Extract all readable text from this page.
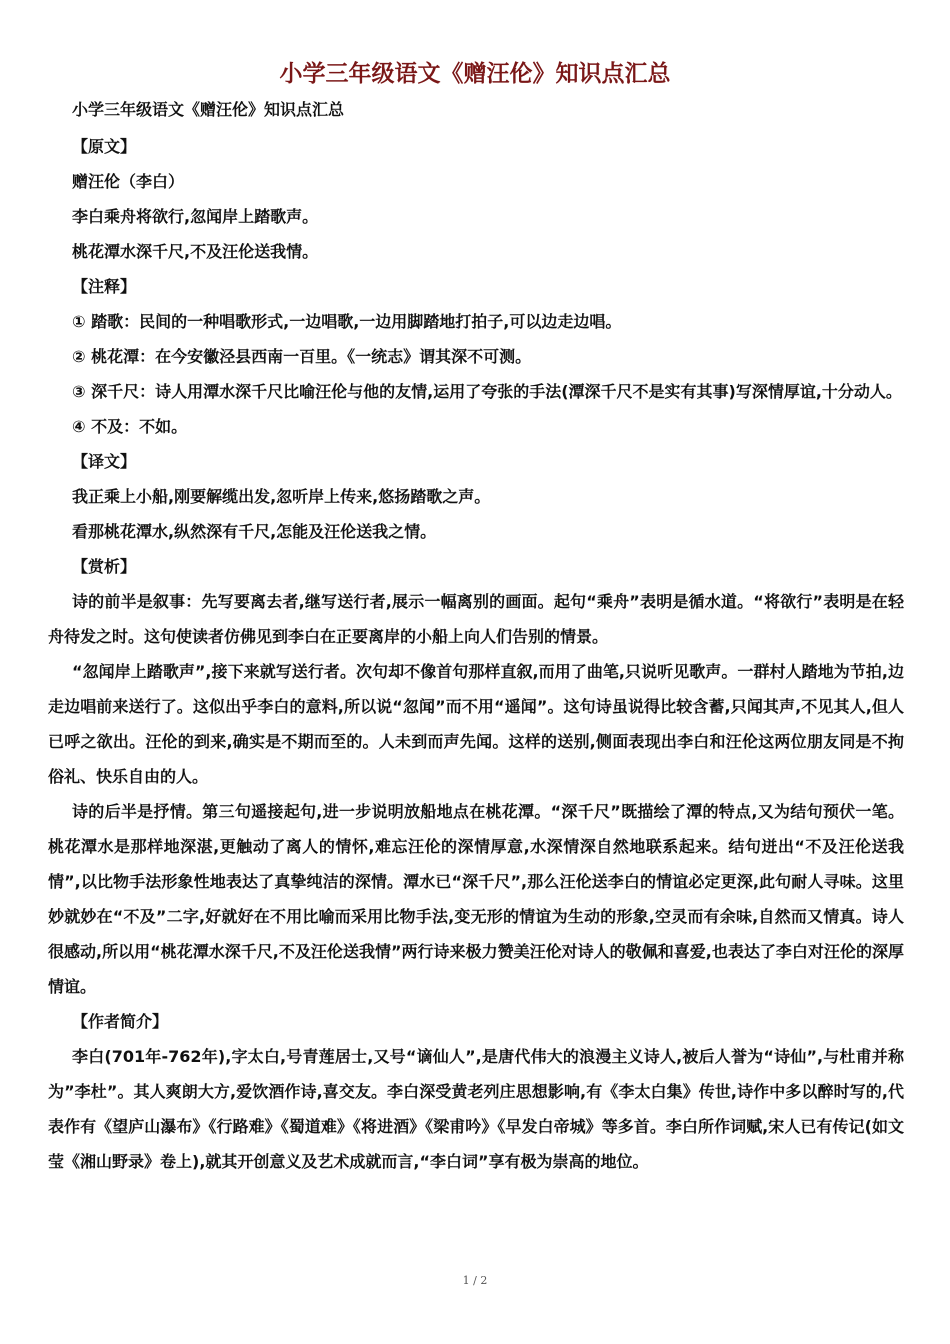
小学三年级语文《赠汪伦》知识点汇总

小学三年级语文《赠汪伦》知识点汇总

【原文】

赠汪伦（李白）

李白乘舟将欲行,忽闻岸上踏歌声。

桃花潭水深千尺,不及汪伦送我情。

【注释】

① 踏歌：民间的一种唱歌形式,一边唱歌,一边用脚踏地打拍子,可以边走边唱。

② 桃花潭：在今安徽泾县西南一百里。《一统志》谓其深不可测。

③ 深千尺：诗人用潭水深千尺比喻汪伦与他的友情,运用了夸张的手法(潭深千尺不是实有其事)写深情厚谊,十分动人。

④ 不及：不如。

【译文】

我正乘上小船,刚要解缆出发,忽听岸上传来,悠扬踏歌之声。

看那桃花潭水,纵然深有千尺,怎能及汪伦送我之情。

【赏析】

诗的前半是叙事：先写要离去者,继写送行者,展示一幅离别的画面。起句“乘舟”表明是循水道。“将欲行”表明是在轻舟待发之时。这句使读者仿佛见到李白在正要离岸的小船上向人们告别的情景。

“忽闻岸上踏歌声”,接下来就写送行者。次句却不像首句那样直叙,而用了曲笔,只说听见歌声。一群村人踏地为节拍,边走边唱前来送行了。这似出乎李白的意料,所以说“忽闻”而不用“遥闻”。这句诗虽说得比较含蓄,只闻其声,不见其人,但人已呼之欲出。汪伦的到来,确实是不期而至的。人未到而声先闻。这样的送别,侧面表现出李白和汪伦这两位朋友同是不拘俗礼、快乐自由的人。

诗的后半是抒情。第三句遥接起句,进一步说明放船地点在桃花潭。“深千尺”既描绘了潭的特点,又为结句预伏一笔。桃花潭水是那样地深湛,更触动了离人的情怀,难忘汪伦的深情厚意,水深情深自然地联系起来。结句迸出“不及汪伦送我情”,以比物手法形象性地表达了真挚纯洁的深情。潭水已“深千尺”,那么汪伦送李白的情谊必定更深,此句耐人寻味。这里妙就妙在“不及”二字,好就好在不用比喻而采用比物手法,变无形的情谊为生动的形象,空灵而有余味,自然而又情真。诗人很感动,所以用“桃花潭水深千尺,不及汪伦送我情”两行诗来极力赞美汪伦对诗人的敬佩和喜爱,也表达了李白对汪伦的深厚情谊。

【作者简介】

李白(701年-762年),字太白,号青莲居士,又号“谪仙人”,是唐代伟大的浪漫主义诗人,被后人誉为“诗仙”,与杜甫并称为”李杜”。其人爽朗大方,爱饮酒作诗,喜交友。李白深受黄老列庄思想影响,有《李太白集》传世,诗作中多以醉时写的,代表作有《望庐山瀑布》《行路难》《蜀道难》《将进酒》《梁甫吟》《早发白帝城》等多首。李白所作词赋,宋人已有传记(如文莹《湘山野录》卷上),就其开创意义及艺术成就而言,“李白词”享有极为崇高的地位。

1 / 2
